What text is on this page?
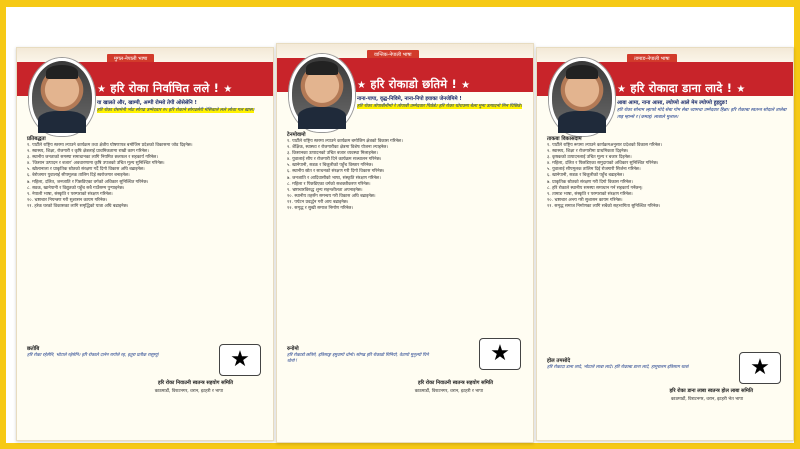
मुगल-नेपाली भाषा
★ हरि रोका निर्वाचित लले ! ★
या खालते और, खाम्पी, अम्पी रोम्सो तेपी ओसेसेनि !
हरि रोका रोसमेनी भोट सोगढ उम्मेदवार रु। हरि रोकाने सोगढसेरी मेसिवाले लले लोचा गल खास।
प्रतिबद्धता
१. पार्टीले राष्ट्रिय स्तरमा ल्याउने कार्यक्रम तथा क्षेत्रीय घोषणापत्र बमोजिम प्रदेशको विकासमा जोड दिइनेछ।
२. स्वास्थ्य, शिक्षा, रोजगारी र कृषि क्षेत्रलाई प्राथमिकतामा राखी काम गरिनेछ।
३. स्थानीय जनताको समस्या समाधानका लागि नियमित छलफल र सहकार्य गरिनेछ।
४. 'किसान उत्पादन र बजार' अवधारणामा कृषि उपजको उचित मूल्य सुनिश्चित गरिनेछ।
५. खोलानाला र प्राकृतिक स्रोतको संरक्षण गर्दै दिगो विकास अघि बढाइनेछ।
६. बेरोजगार युवालाई सीपमूलक तालिम दिई स्वरोजगार बनाइनेछ।
७. महिला, दलित, जनजाति र पिछडिएका वर्गको अधिकार सुनिश्चित गरिनेछ।
८. सडक, खानेपानी र विद्युतको पहुँच सबै गाउँसम्म पुर्‍याइनेछ।
९. नेपाली भाषा, संस्कृति र परम्पराको संरक्षण गरिनेछ।
१०. भ्रष्टाचार नियन्त्रण गरी सुशासन कायम गरिनेछ।
११. हरेक घरको विकासका लागि समृद्धिको यात्रा अघि बढाइनेछ।
छतोबि
हरि रोका रहेसेनि, भोटाले रहेसेनि। हरि रोकाले दानेन रागोले रह, इतुरा प्रतीक रासुम्यु!	★
हरि रोका निवाउनी स्वतन्त्र सहयोग समिति
काठमाडौं, विराटनगर, धरान, इटहरी र भापा
वान्तिक-नेपाली भाषा
★ हरि रोकाडो छतिमे ! ★
नाना-पापा, वृद्ध-निविमे, नाना-निपो इयाका जेनजेमिमे !
हरि रोका तोपाबीनीमो रे तोपाबी उम्मेदवार पिछेडे। हरि रोका थोराउमा बेला मुना उत्पादनो मिन पिछिडे।
टेनमोवामो
१. पार्टीले राष्ट्रिय स्तरमा ल्याउने कार्यक्रम बमोजिम क्षेत्रको विकास गरिनेछ।
२. शैक्षिक, स्वास्थ्य र रोजगारीका क्षेत्रमा विशेष योजना ल्याइनेछ।
३. किसानका उत्पादनको उचित बजार व्यवस्था मिलाइनेछ।
४. युवालाई सीप र रोजगारी दिने कार्यक्रम सञ्चालन गरिनेछ।
५. खानेपानी, सडक र बिजुलीको पहुँच विस्तार गरिनेछ।
६. स्थानीय स्रोत र साधनको संरक्षण गरी दिगो विकास गरिनेछ।
७. जनजाति र आदिवासीको भाषा, संस्कृति संरक्षण गरिनेछ।
८. महिला र पिछडिएका वर्गको सशक्तीकरण गरिनेछ।
९. भ्रष्टाचारविरुद्ध शून्य सहनशीलता अपनाइनेछ।
१०. स्थानीय तहसँग समन्वय गरी विकास अघि बढाइनेछ।
११. पर्यटन प्रवर्द्धन गरी आय बढाइनेछ।
१२. समृद्ध र सुखी समाज निर्माण गरिनेछ।
रुनोमो
हरि रोकाडो छतिमे, इतिसाङ्ग इमुवागो धोनो। सोगढ हरि रोकाडो मिनियो, वेतापो मुनुल्यो पिने धोनो !	★
हरि रोका निवाउनी स्वतन्त्र सहयोग समिति
काठमाडौं, विराटनगर, धरान, इटहरी र भापा
तामाङ-नेपाली भाषा
★ हरि रोकादा डाना लादे ! ★
आबा आमा, नाना आसा, ल्योप्मो आले मेम ल्योप्मो हुइदुङ!
हरि रोका सोनाम ल्हाफो मोदे सेबा गोम सेबा च्यामचा उम्मेदवार हिन्ना। हरि रोकाबा स्वतन्त्र सोदाले तालेबा ताइ म्हान्से र (कमाइ) लाबाले मुलाल।
ताकबा विकासदाम
१. पार्टीले राष्ट्रिय रूपमा ल्याउने कार्यक्रमअनुसार प्रदेशको विकास गरिनेछ।
२. स्वास्थ्य, शिक्षा र रोजगारीमा प्राथमिकता दिइनेछ।
३. कृषकको उत्पादनलाई उचित मूल्य र बजार दिइनेछ।
४. महिला, दलित र पिछडिएका समुदायको अधिकार सुनिश्चित गरिनेछ।
५. युवालाई सीपमूलक तालिम दिई रोजगारी सिर्जना गरिनेछ।
६. खानेपानी, सडक र बिजुलीको पहुँच बढाइनेछ।
७. प्राकृतिक स्रोतको संरक्षण गरी दिगो विकास गरिनेछ।
८. हरि रोकाले स्थानीय समस्या समाधान गर्न सहकार्य गर्नेछन्।
९. तामाङ भाषा, संस्कृति र परम्पराको संरक्षण गरिनेछ।
१०. भ्रष्टाचार अन्त्य गरी सुशासन कायम गरिनेछ।
११. समृद्ध समाज निर्माणका लागि सबैको सहभागिता सुनिश्चित गरिनेछ।
होल तमसोदे
हरि रोकादा डाना लादे, भोटाले लाबा लादे। हरि रोकाबा डाना लादे, हामुरालम इतिसाम थाब!	★
हरि रोका डाना लाबा स्वतन्त्र होल लाबा समिति
काठमाडौं, विराटनगर, धरान, इटहरी भेत भापा
